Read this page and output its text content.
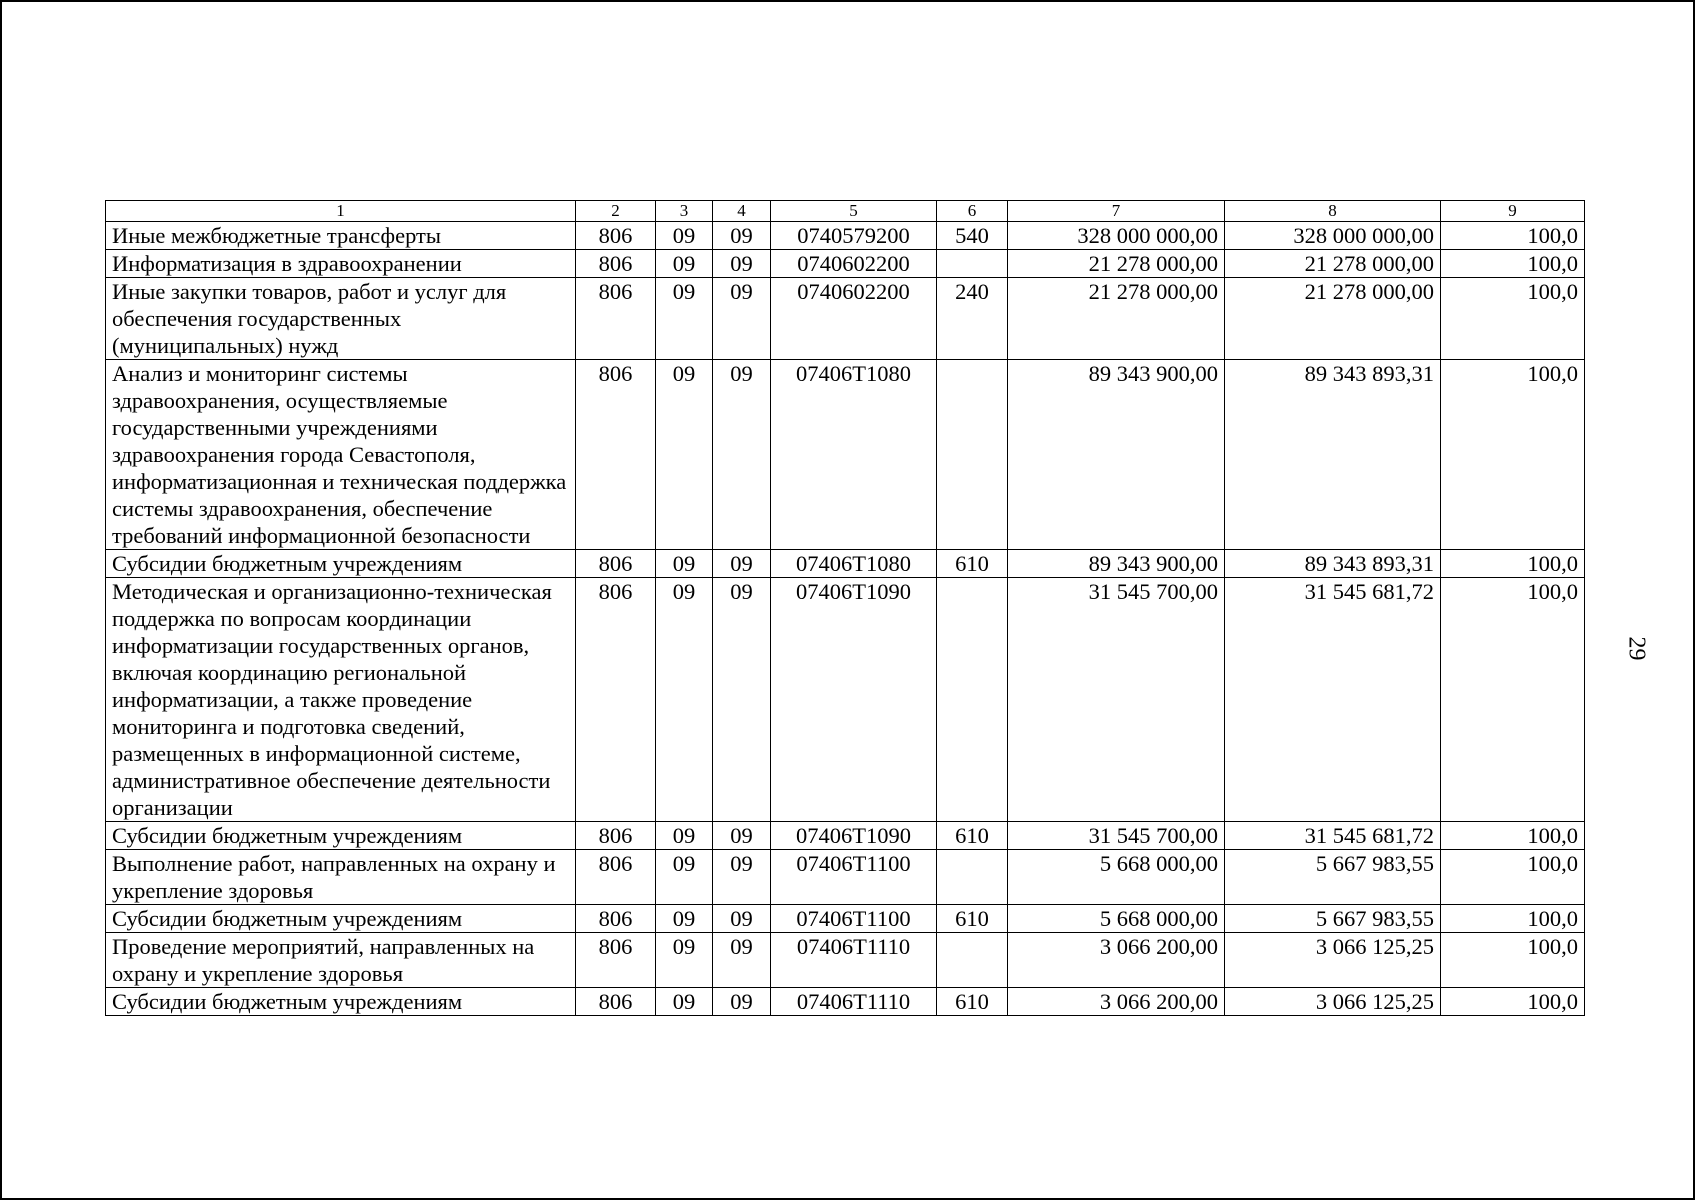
1	2	3	4	5	6	7	8	9
Иные межбюджетные трансферты	806	09	09	0740579200	540	328 000 000,00	328 000 000,00	100,0
Информатизация в здравоохранении	806	09	09	0740602200		21 278 000,00	21 278 000,00	100,0
Иные закупки товаров, работ и услуг для обеспечения государственных (муниципальных) нужд	806	09	09	0740602200	240	21 278 000,00	21 278 000,00	100,0
Анализ и мониторинг системы здравоохранения, осуществляемые государственными учреждениями здравоохранения города Севастополя, информатизационная и техническая поддержка системы здравоохранения, обеспечение требований информационной безопасности	806	09	09	07406T1080		89 343 900,00	89 343 893,31	100,0
Субсидии бюджетным учреждениям	806	09	09	07406T1080	610	89 343 900,00	89 343 893,31	100,0
Методическая и организационно-техническая поддержка по вопросам координации информатизации государственных органов, включая координацию региональной информатизации, а также проведение мониторинга и подготовка сведений, размещенных в информационной системе, административное обеспечение деятельности организации	806	09	09	07406T1090		31 545 700,00	31 545 681,72	100,0
Субсидии бюджетным учреждениям	806	09	09	07406T1090	610	31 545 700,00	31 545 681,72	100,0
Выполнение работ, направленных на охрану и укрепление здоровья	806	09	09	07406T1100		5 668 000,00	5 667 983,55	100,0
Субсидии бюджетным учреждениям	806	09	09	07406T1100	610	5 668 000,00	5 667 983,55	100,0
Проведение мероприятий, направленных на охрану и укрепление здоровья	806	09	09	07406T1110		3 066 200,00	3 066 125,25	100,0
Субсидии бюджетным учреждениям	806	09	09	07406T1110	610	3 066 200,00	3 066 125,25	100,0
29
